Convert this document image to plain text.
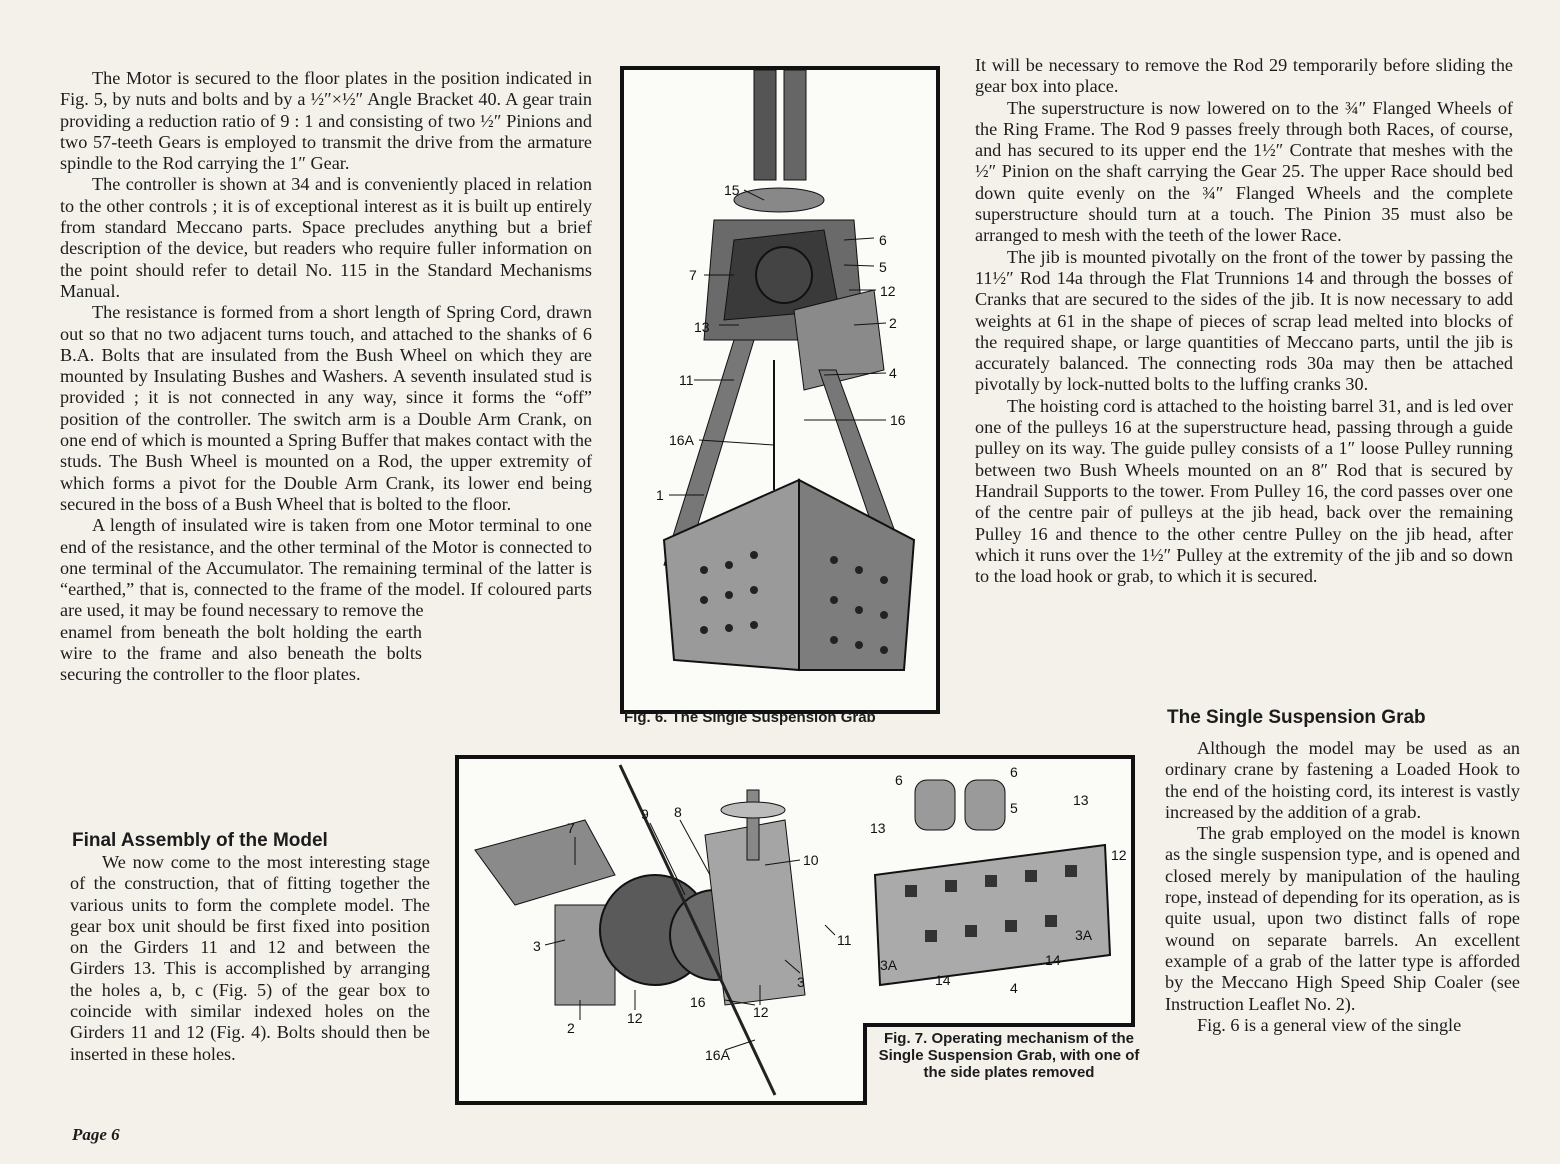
The Motor is secured to the floor plates in the position indicated in Fig. 5, by nuts and bolts and by a ½″×½″ Angle Bracket 40. A gear train providing a reduction ratio of 9 : 1 and consisting of two ½″ Pinions and two 57-teeth Gears is employed to transmit the drive from the armature spindle to the Rod carrying the 1″ Gear.

The controller is shown at 34 and is conveniently placed in relation to the other controls ; it is of exceptional interest as it is built up entirely from standard Meccano parts. Space precludes anything but a brief description of the device, but readers who require fuller information on the point should refer to detail No. 115 in the Standard Mechanisms Manual.

The resistance is formed from a short length of Spring Cord, drawn out so that no two adjacent turns touch, and attached to the shanks of 6 B.A. Bolts that are insulated from the Bush Wheel on which they are mounted by Insulating Bushes and Washers. A seventh insulated stud is provided ; it is not connected in any way, since it forms the “off” position of the controller. The switch arm is a Double Arm Crank, on one end of which is mounted a Spring Buffer that makes contact with the studs. The Bush Wheel is mounted on a Rod, the upper extremity of which forms a pivot for the Double Arm Crank, its lower end being secured in the boss of a Bush Wheel that is bolted to the floor.

A length of insulated wire is taken from one Motor terminal to one end of the resistance, and the other terminal of the Motor is connected to one terminal of the Accumulator. The remaining terminal of the latter is “earthed,” that is, connected to the frame of the model. If coloured parts are used, it may be found necessary to remove the

enamel from beneath the bolt holding the earth wire to the frame and also beneath the bolts securing the controller to the floor plates.

Final Assembly of the Model

We now come to the most interesting stage of the construction, that of fitting together the various units to form the complete model. The gear box unit should be first fixed into position on the Girders 11 and 12 and between the Girders 13. This is accomplished by arranging the holes a, b, c (Fig. 5) of the gear box to coincide with similar indexed holes on the Girders 11 and 12 (Fig. 4). Bolts should then be inserted in these holes.

15
6
7	5
12
13	2
11	4
16
16A
1
Fig. 6. The Single Suspension Grab

It will be necessary to remove the Rod 29 temporarily before sliding the gear box into place.

The superstructure is now lowered on to the ¾″ Flanged Wheels of the Ring Frame. The Rod 9 passes freely through both Races, of course, and has secured to its upper end the 1½″ Contrate that meshes with the ½″ Pinion on the shaft carrying the Gear 25. The upper Race should bed down quite evenly on the ¾″ Flanged Wheels and the complete superstructure should turn at a touch. The Pinion 35 must also be arranged to mesh with the teeth of the lower Race.

The jib is mounted pivotally on the front of the tower by passing the 11½″ Rod 14a through the Flat Trunnions 14 and through the bosses of Cranks that are secured to the sides of the jib. It is now necessary to add weights at 61 in the shape of pieces of scrap lead melted into blocks of the required shape, or large quantities of Meccano parts, until the jib is accurately balanced. The connecting rods 30a may then be attached pivotally by lock-nutted bolts to the luffing cranks 30.

The hoisting cord is attached to the hoisting barrel 31, and is led over one of the pulleys 16 at the superstructure head, passing through a guide pulley on its way. The guide pulley consists of a 1″ loose Pulley running between two Bush Wheels mounted on an 8″ Rod that is secured by Handrail Supports to the tower. From Pulley 16, the cord passes over one of the centre pair of pulleys at the jib head, back over the remaining Pulley 16 and thence to the other centre Pulley on the jib head, after which it runs over the 1½″ Pulley at the extremity of the jib and so down to the load hook or grab, to which it is secured.

The Single Suspension Grab

Although the model may be used as an ordinary crane by fastening a Loaded Hook to the end of the hoisting cord, its interest is vastly increased by the addition of a grab.

The grab employed on the model is known as the single suspension type, and is opened and closed merely by manipulation of the hauling rope, instead of depending for its operation, as is quite usual, upon two distinct falls of rope wound on separate barrels. An excellent example of a grab of the latter type is afforded by the Meccano High Speed Ship Coaler (see Instruction Leaflet No. 2).

Fig. 6 is a general view of the single

7
9 8
10
3	11
3
12
2
12
16
16A
6	6
5
13
13
12
3A
3A
14
14
4
Fig. 7. Operating mechanism of the Single Suspension Grab, with one of the side plates removed
Page 6
